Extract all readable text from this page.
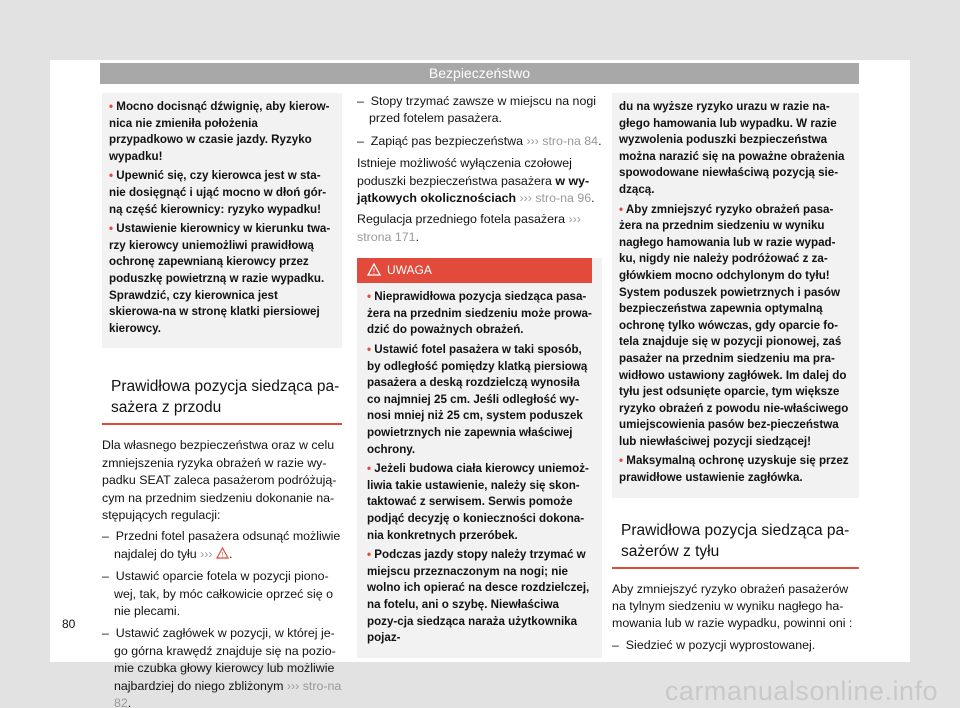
Bezpieczeństwo
• Mocno docisnąć dźwignię, aby kierow-nica nie zmieniła położenia przypadkowo w czasie jazdy. Ryzyko wypadku!
• Upewnić się, czy kierowca jest w sta-nie dosięgnąć i ująć mocno w dłoń gór-ną część kierownicy: ryzyko wypadku!
• Ustawienie kierownicy w kierunku twa-rzy kierowcy uniemożliwi prawidłową ochronę zapewnianą kierowcy przez poduszkę powietrzną w razie wypadku. Sprawdzić, czy kierownica jest skierowa-na w stronę klatki piersiowej kierowcy.
Prawidłowa pozycja siedząca pa-sażera z przodu

Dla własnego bezpieczeństwa oraz w celu zmniejszenia ryzyka obrażeń w razie wy-padku SEAT zaleca pasażerom podróżują-cym na przednim siedzeniu dokonanie na-stępujących regulacji:

– Przedni fotel pasażera odsunąć możliwie najdalej do tyłu ››› ! .
– Ustawić oparcie fotela w pozycji piono-wej, tak, by móc całkowicie oprzeć się o nie plecami.
– Ustawić zagłówek w pozycji, w której je-go górna krawędź znajduje się na pozio-mie czubka głowy kierowcy lub możliwie najbardziej do niego zbliżonym ››› stro-na 82.
– Stopy trzymać zawsze w miejscu na nogi przed fotelem pasażera.
– Zapiąć pas bezpieczeństwa ››› stro-na 84.

Istnieje możliwość wyłączenia czołowej poduszki bezpieczeństwa pasażera w wy-jątkowych okolicznościach ››› stro-na 96.

Regulacja przedniego fotela pasażera ››› strona 171.

! UWAGA
• Nieprawidłowa pozycja siedząca pasa-żera na przednim siedzeniu może prowa-dzić do poważnych obrażeń.
• Ustawić fotel pasażera w taki sposób, by odległość pomiędzy klatką piersiową pasażera a deską rozdzielczą wynosiła co najmniej 25 cm. Jeśli odległość wy-nosi mniej niż 25 cm, system poduszek powietrznych nie zapewnia właściwej ochrony.
• Jeżeli budowa ciała kierowcy uniemoż-liwia takie ustawienie, należy się skon-taktować z serwisem. Serwis pomoże podjąć decyzję o konieczności dokona-nia konkretnych przeróbek.
• Podczas jazdy stopy należy trzymać w miejscu przeznaczonym na nogi; nie wolno ich opierać na desce rozdzielczej, na fotelu, ani o szybę. Niewłaściwa pozy-cja siedząca naraża użytkownika pojaz-
du na wyższe ryzyko urazu w razie na-głego hamowania lub wypadku. W razie wyzwolenia poduszki bezpieczeństwa można narazić się na poważne obrażenia spowodowane niewłaściwą pozycją sie-dzącą.
• Aby zmniejszyć ryzyko obrażeń pasa-żera na przednim siedzeniu w wyniku nagłego hamowania lub w razie wypad-ku, nigdy nie należy podróżować z za-główkiem mocno odchylonym do tyłu! System poduszek powietrznych i pasów bezpieczeństwa zapewnia optymalną ochronę tylko wówczas, gdy oparcie fo-tela znajduje się w pozycji pionowej, zaś pasażer na przednim siedzeniu ma pra-widłowo ustawiony zagłówek. Im dalej do tyłu jest odsunięte oparcie, tym większe ryzyko obrażeń z powodu nie-właściwego umiejscowienia pasów bez-pieczeństwa lub niewłaściwej pozycji siedzącej!
• Maksymalną ochronę uzyskuje się przez prawidłowe ustawienie zagłówka.
Prawidłowa pozycja siedząca pa-sażerów z tyłu

Aby zmniejszyć ryzyko obrażeń pasażerów na tylnym siedzeniu w wyniku nagłego ha-mowania lub w razie wypadku, powinni oni :

– Siedzieć w pozycji wyprostowanej.
80
carmanualsonline.info
